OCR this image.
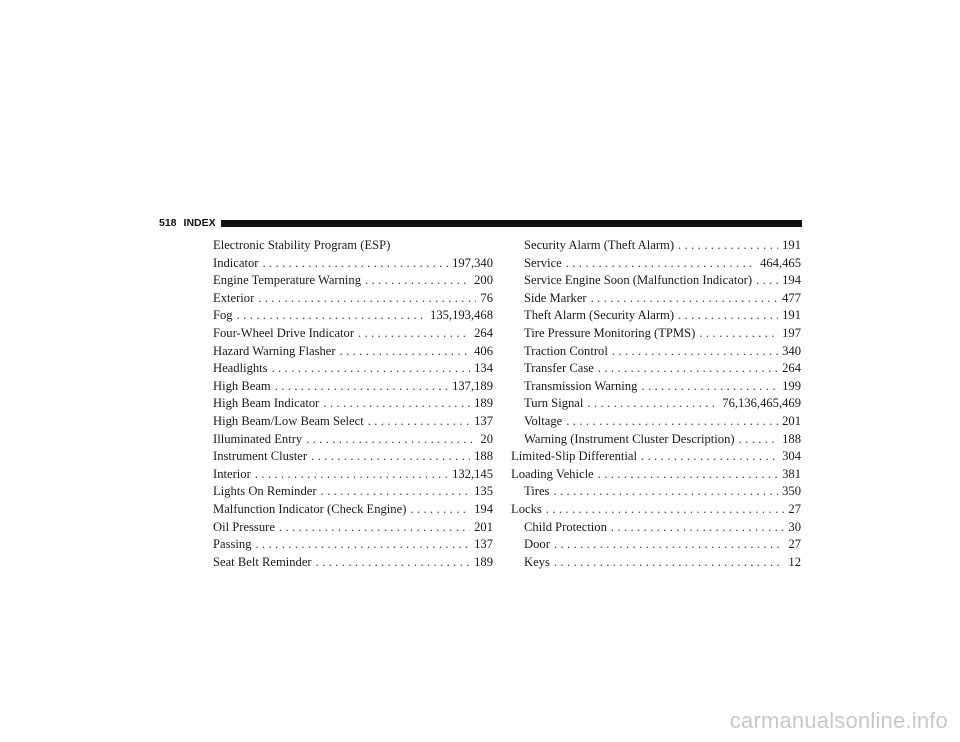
518 INDEX
Electronic Stability Program (ESP)
Indicator .....	197,340
Engine Temperature Warning .....	200
Exterior .....	76
Fog .....	135,193,468
Four-Wheel Drive Indicator .....	264
Hazard Warning Flasher .....	406
Headlights .....	134
High Beam .....	137,189
High Beam Indicator .....	189
High Beam/Low Beam Select .....	137
Illuminated Entry .....	20
Instrument Cluster .....	188
Interior .....	132,145
Lights On Reminder .....	135
Malfunction Indicator (Check Engine) .....	194
Oil Pressure .....	201
Passing .....	137
Seat Belt Reminder .....	189
Security Alarm (Theft Alarm) .....	191
Service .....	464,465
Service Engine Soon (Malfunction Indicator) ..... 194
Side Marker .....	477
Theft Alarm (Security Alarm) .....	191
Tire Pressure Monitoring (TPMS) .....	197
Traction Control .....	340
Transfer Case .....	264
Transmission Warning .....	199
Turn Signal .....	76,136,465,469
Voltage .....	201
Warning (Instrument Cluster Description) .....	188
Limited-Slip Differential .....	304
Loading Vehicle .....	381
Tires .....	350
Locks .....	27
Child Protection .....	30
Door .....	27
Keys .....	12
carmanualsonline.info
